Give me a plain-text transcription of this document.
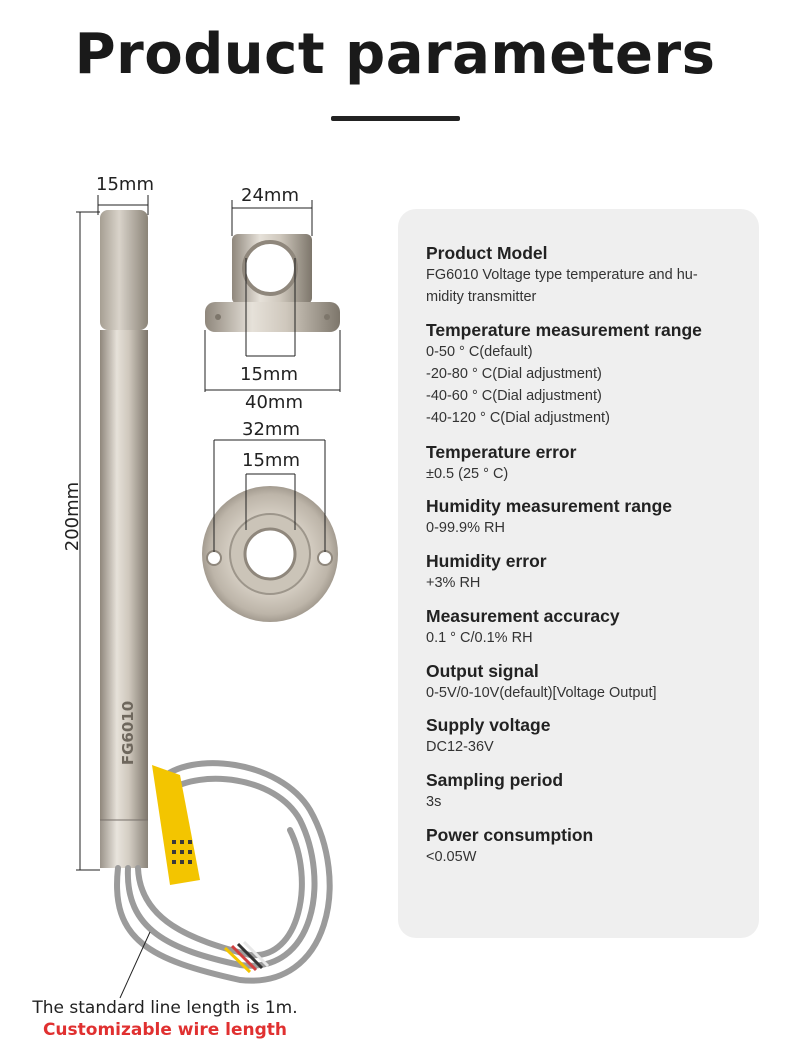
Product parameters
FG6010
15mm
200mm
24mm
15mm
40mm
32mm
15mm
The standard line length is 1m.
Customizable wire length
Product Model
FG6010 Voltage type temperature and hu-
midity transmitter
Temperature measurement range
0-50 ° C(default)
-20-80 ° C(Dial adjustment)
-40-60 ° C(Dial adjustment)
-40-120 ° C(Dial adjustment)
Temperature error
±0.5 (25 ° C)
Humidity measurement range
0-99.9% RH
Humidity error
+3% RH
Measurement accuracy
0.1 ° C/0.1% RH
Output signal
0-5V/0-10V(default)[Voltage Output]
Supply voltage
DC12-36V
Sampling period
3s
Power consumption
<0.05W
